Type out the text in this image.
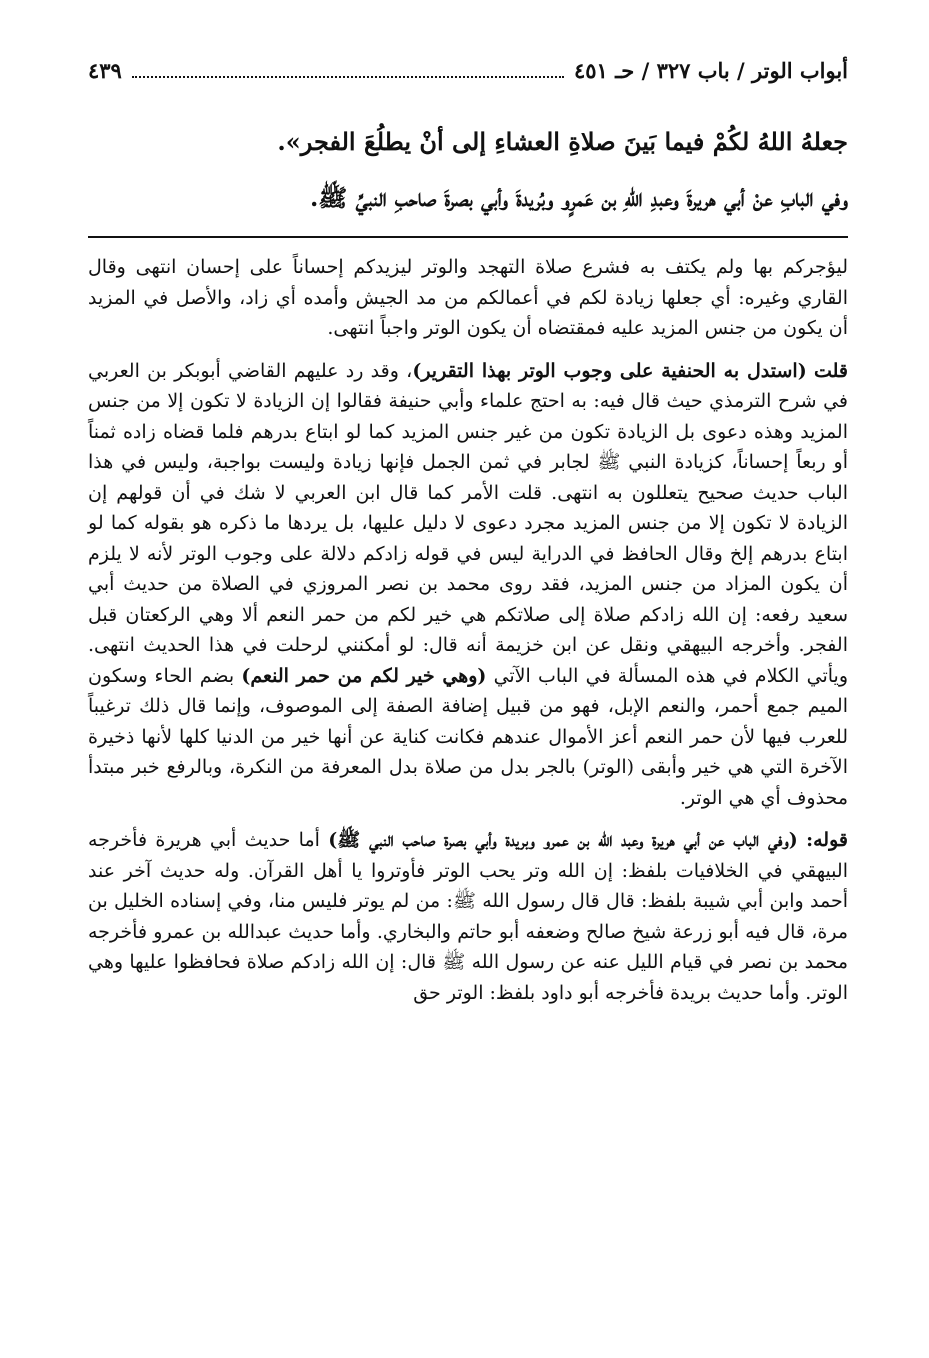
أبواب الوتر / باب ٣٢٧ / حـ ٤٥١
٤٣٩

جعلهُ اللهُ لكُمْ فيما بَينَ صلاةِ العشاءِ إلى أنْ يطلُعَ الفجر».

وفي البابِ عنْ أبي هريرةَ وعبدِ اللهِ بن عَمرٍو وبُريدةَ وأبي بصرةَ صاحبِ النبيِّ ﷺ.

ليؤجركم بها ولم يكتف به فشرع صلاة التهجد والوتر ليزيدكم إحساناً على إحسان انتهى وقال القاري وغيره: أي جعلها زيادة لكم في أعمالكم من مد الجيش وأمده أي زاد، والأصل في المزيد أن يكون من جنس المزيد عليه فمقتضاه أن يكون الوتر واجباً انتهى.

قلت (استدل به الحنفية على وجوب الوتر بهذا التقرير)، وقد رد عليهم القاضي أبوبكر بن العربي في شرح الترمذي حيث قال فيه: به احتج علماء وأبي حنيفة فقالوا إن الزيادة لا تكون إلا من جنس المزيد وهذه دعوى بل الزيادة تكون من غير جنس المزيد كما لو ابتاع بدرهم فلما قضاه زاده ثمناً أو ربعاً إحساناً، كزيادة النبي ﷺ لجابر في ثمن الجمل فإنها زيادة وليست بواجبة، وليس في هذا الباب حديث صحيح يتعللون به انتهى. قلت الأمر كما قال ابن العربي لا شك في أن قولهم إن الزيادة لا تكون إلا من جنس المزيد مجرد دعوى لا دليل عليها، بل يردها ما ذكره هو بقوله كما لو ابتاع بدرهم إلخ وقال الحافظ في الدراية ليس في قوله زادكم دلالة على وجوب الوتر لأنه لا يلزم أن يكون المزاد من جنس المزيد، فقد روى محمد بن نصر المروزي في الصلاة من حديث أبي سعيد رفعه: إن الله زادكم صلاة إلى صلاتكم هي خير لكم من حمر النعم ألا وهي الركعتان قبل الفجر. وأخرجه البيهقي ونقل عن ابن خزيمة أنه قال: لو أمكنني لرحلت في هذا الحديث انتهى. ويأتي الكلام في هذه المسألة في الباب الآتي (وهي خير لكم من حمر النعم) بضم الحاء وسكون الميم جمع أحمر، والنعم الإبل، فهو من قبيل إضافة الصفة إلى الموصوف، وإنما قال ذلك ترغيباً للعرب فيها لأن حمر النعم أعز الأموال عندهم فكانت كناية عن أنها خير من الدنيا كلها لأنها ذخيرة الآخرة التي هي خير وأبقى (الوتر) بالجر بدل من صلاة بدل المعرفة من النكرة، وبالرفع خبر مبتدأ محذوف أي هي الوتر.

قوله: (وفي الباب عن أبي هريرة وعبد الله بن عمرو وبريدة وأبي بصرة صاحب النبي ﷺ) أما حديث أبي هريرة فأخرجه البيهقي في الخلافيات بلفظ: إن الله وتر يحب الوتر فأوتروا يا أهل القرآن. وله حديث آخر عند أحمد وابن أبي شيبة بلفظ: قال قال رسول الله ﷺ: من لم يوتر فليس منا، وفي إسناده الخليل بن مرة، قال فيه أبو زرعة شيخ صالح وضعفه أبو حاتم والبخاري. وأما حديث عبدالله بن عمرو فأخرجه محمد بن نصر في قيام الليل عنه عن رسول الله ﷺ قال: إن الله زادكم صلاة فحافظوا عليها وهي الوتر. وأما حديث بريدة فأخرجه أبو داود بلفظ: الوتر حق
